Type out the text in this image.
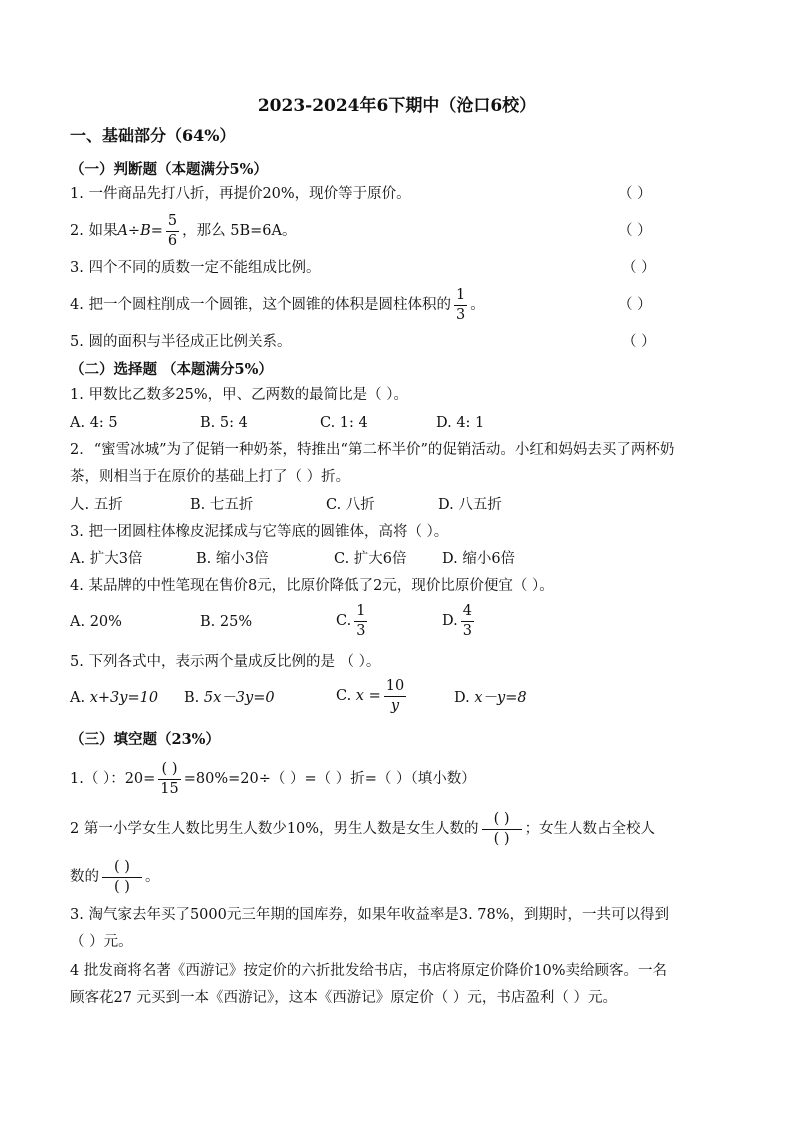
2023-2024年6下期中（沧口6校）
一、基础部分（64%）
（一）判断题（本题满分5%）
1. 一件商品先打八折，再提价20%，现价等于原价。	（ ）
2. 如果$A\div B= \frac{5}{6}$ ，那么 5B=6A。	（ ）
3. 四个不同的质数一定不能组成比例。	（ ）
4. 把一个圆柱削成一个圆锥，这个圆锥的体积是圆柱体积的 $\frac{1}{3}$ 。	（ ）
5. 圆的面积与半径成正比例关系。	（ ）
（二）选择题 （本题满分5%）
1. 甲数比乙数多25%，甲、乙两数的最简比是（ ）。
A. 4: 5	B. 5: 4	C. 1: 4	D. 4: 1
2．“蜜雪冰城”为了促销一种奶茶，特推出“第二杯半价”的促销活动。小红和妈妈去买了两杯奶
茶，则相当于在原价的基础上打了（ ）折。
人. 五折	B. 七五折	C. 八折	D. 八五折
3. 把一团圆柱体橡皮泥揉成与它等底的圆锥体，高将（ ）。
A. 扩大3倍	B. 缩小3倍	C. 扩大6倍 D. 缩小6倍
4. 某品牌的中性笔现在售价8元，比原价降低了2元，现价比原价便宜（ ）。
A. 20%	B. 25%	C. $\frac{1}{3}$	D. $\frac{4}{3}$
5. 下列各式中，表示两个量成反比例的是 （ ）。
A. x+3y=10 B. 5x－3y=0	C. $x = \frac{10}{y}$	D. x－y=8
（三）填空题（23%）
1.（ ）：$20= \frac{( )}{15} =80\%=20\div$（ ）=（ ）折=（ ）（填小数）
2 第一小学女生人数比男生人数少10%，男生人数是女生人数的 $\frac{( )}{( )}$ ；女生人数占全校人
数的 $\frac{( )}{( )}$ 。
3. 淘气家去年买了5000元三年期的国库券，如果年收益率是3. 78%，到期时，一共可以得到
（ ）元。
4 批发商将名著《西游记》按定价的六折批发给书店，书店将原定价降价10%卖给顾客。一名
顾客花27 元买到一本《西游记》，这本《西游记》原定价（ ）元，书店盈利（ ）元。
